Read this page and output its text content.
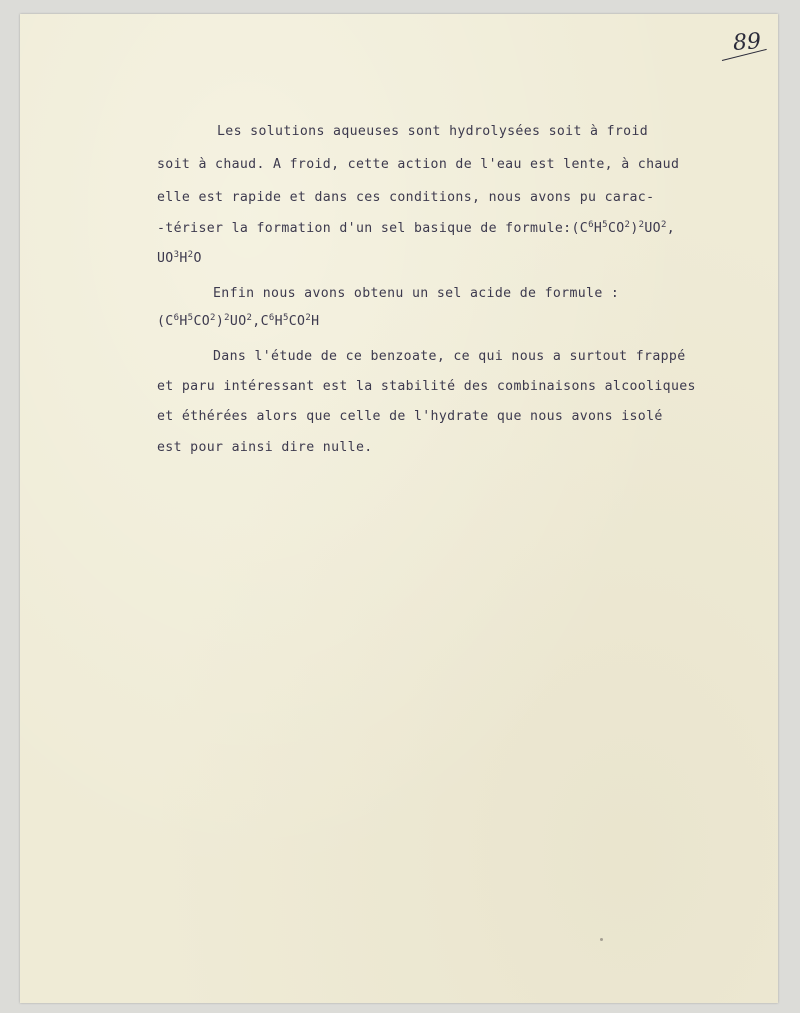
89
Les solutions aqueuses sont hydrolysées soit à froid
soit à chaud. A froid, cette action de l'eau est lente, à chaud
elle est rapide et dans ces conditions, nous avons pu carac-
-tériser la formation d'un sel basique de $formule:(C^6H^5CO^2)^2UO^2$,
$UO^3H^2O$
Enfin nous avons obtenu un sel acide de formule :
$(C^6H^5CO^2)^2UO^2,C^6H^5CO^2H$
Dans l'étude de ce benzoate, ce qui nous a surtout frappé
et paru intéressant est la stabilité des combinaisons alcooliques
et éthérées alors que celle de l'hydrate que nous avons isolé
est pour ainsi dire nulle.
